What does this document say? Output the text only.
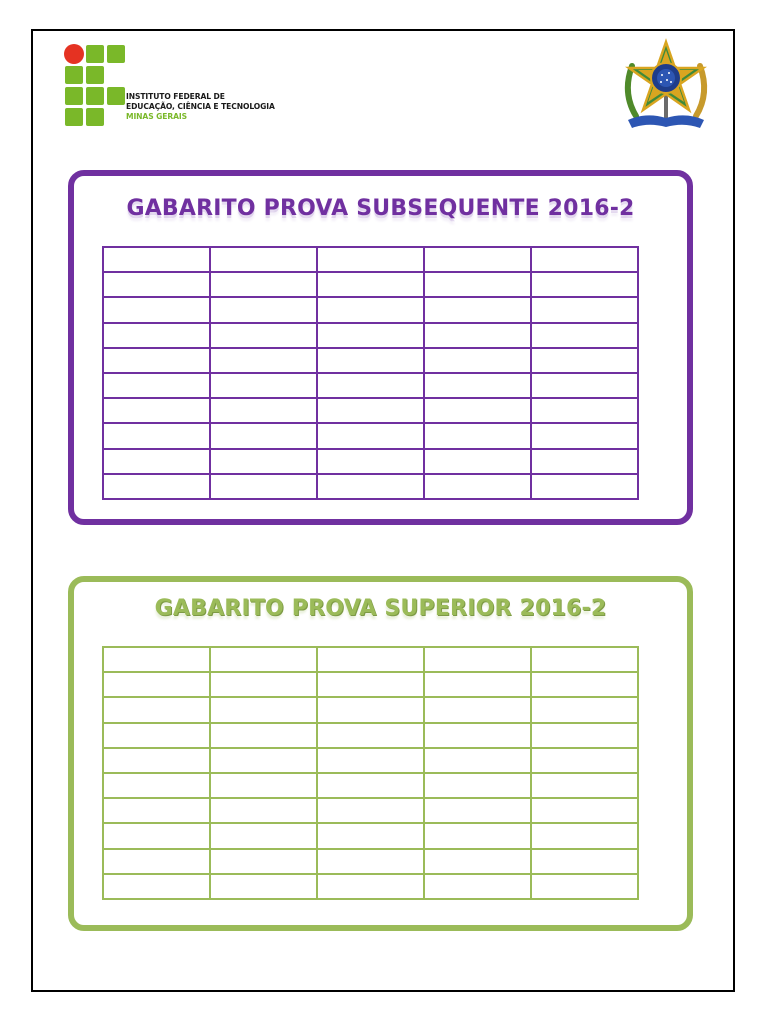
INSTITUTO FEDERAL DE
EDUCAÇÃO, CIÊNCIA E TECNOLOGIA
MINAS GERAIS
GABARITO PROVA SUBSEQUENTE 2016-2

GABARITO PROVA SUPERIOR 2016-2
